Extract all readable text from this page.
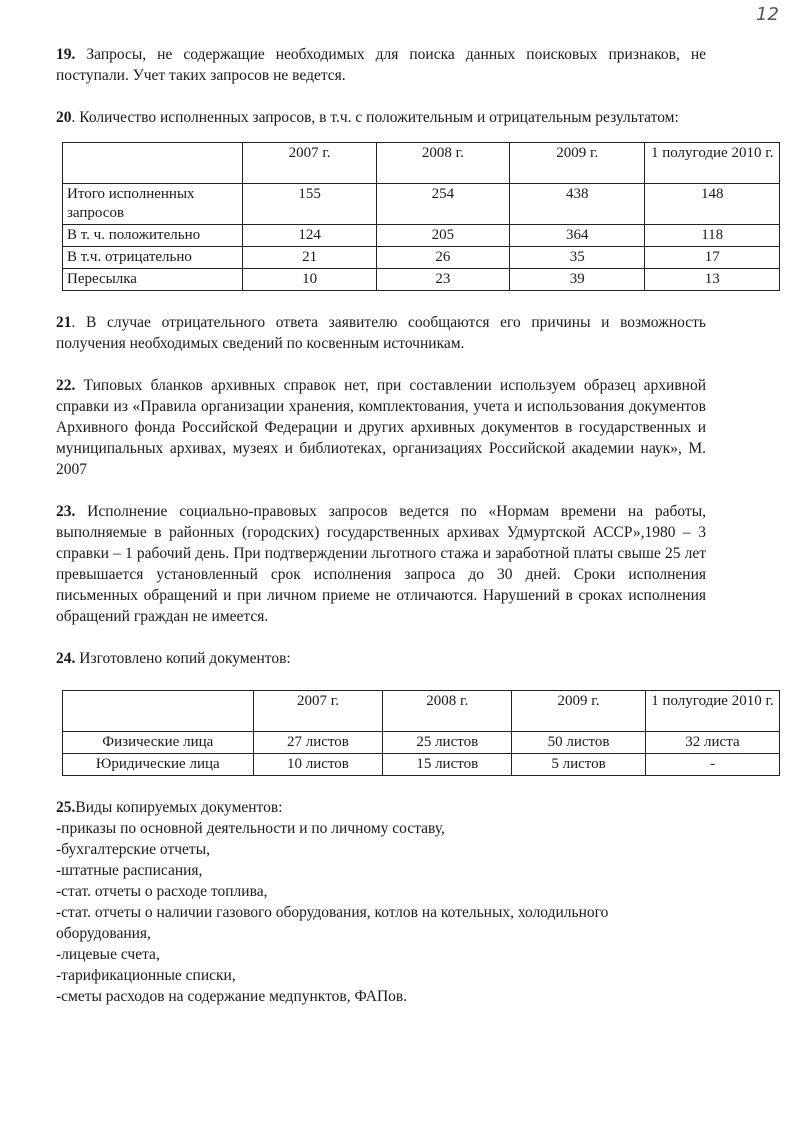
12

19. Запросы, не содержащие необходимых для поиска данных поисковых признаков, не поступали. Учет таких запросов не ведется.

20. Количество исполненных запросов, в т.ч. с положительным и отрицательным результатом:

	2007 г.	2008 г.	2009 г.	1 полугодие 2010 г.
Итого исполненных запросов	155	254	438	148
В т. ч. положительно	124	205	364	118
В т.ч. отрицательно	21	26	35	17
Пересылка	10	23	39	13

21. В случае отрицательного ответа заявителю сообщаются его причины и возможность получения необходимых сведений по косвенным источникам.

22. Типовых бланков архивных справок нет, при составлении используем образец архивной справки из «Правила организации хранения, комплектования, учета и использования документов Архивного фонда Российской Федерации и других архивных документов в государственных и муниципальных архивах, музеях и библиотеках, организациях Российской академии наук», М. 2007

23. Исполнение социально-правовых запросов ведется по «Нормам времени на работы, выполняемые в районных (городских) государственных архивах Удмуртской АССР»,1980 – 3 справки – 1 рабочий день. При подтверждении льготного стажа и заработной платы свыше 25 лет превышается установленный срок исполнения запроса до 30 дней. Сроки исполнения письменных обращений и при личном приеме не отличаются. Нарушений в сроках исполнения обращений граждан не имеется.

24. Изготовлено копий документов:

	2007 г.	2008 г.	2009 г.	1 полугодие 2010 г.
Физические лица	27 листов	25 листов	50 листов	32 листа
Юридические лица	10 листов	15 листов	5 листов	-

25.Виды копируемых документов:

-приказы по основной деятельности и по личному составу,
-бухгалтерские отчеты,
-штатные расписания,
-стат. отчеты о расходе топлива,
-стат. отчеты о наличии газового оборудования, котлов на котельных, холодильного оборудования,
-лицевые счета,
-тарификационные списки,
-сметы расходов на содержание медпунктов, ФАПов.
